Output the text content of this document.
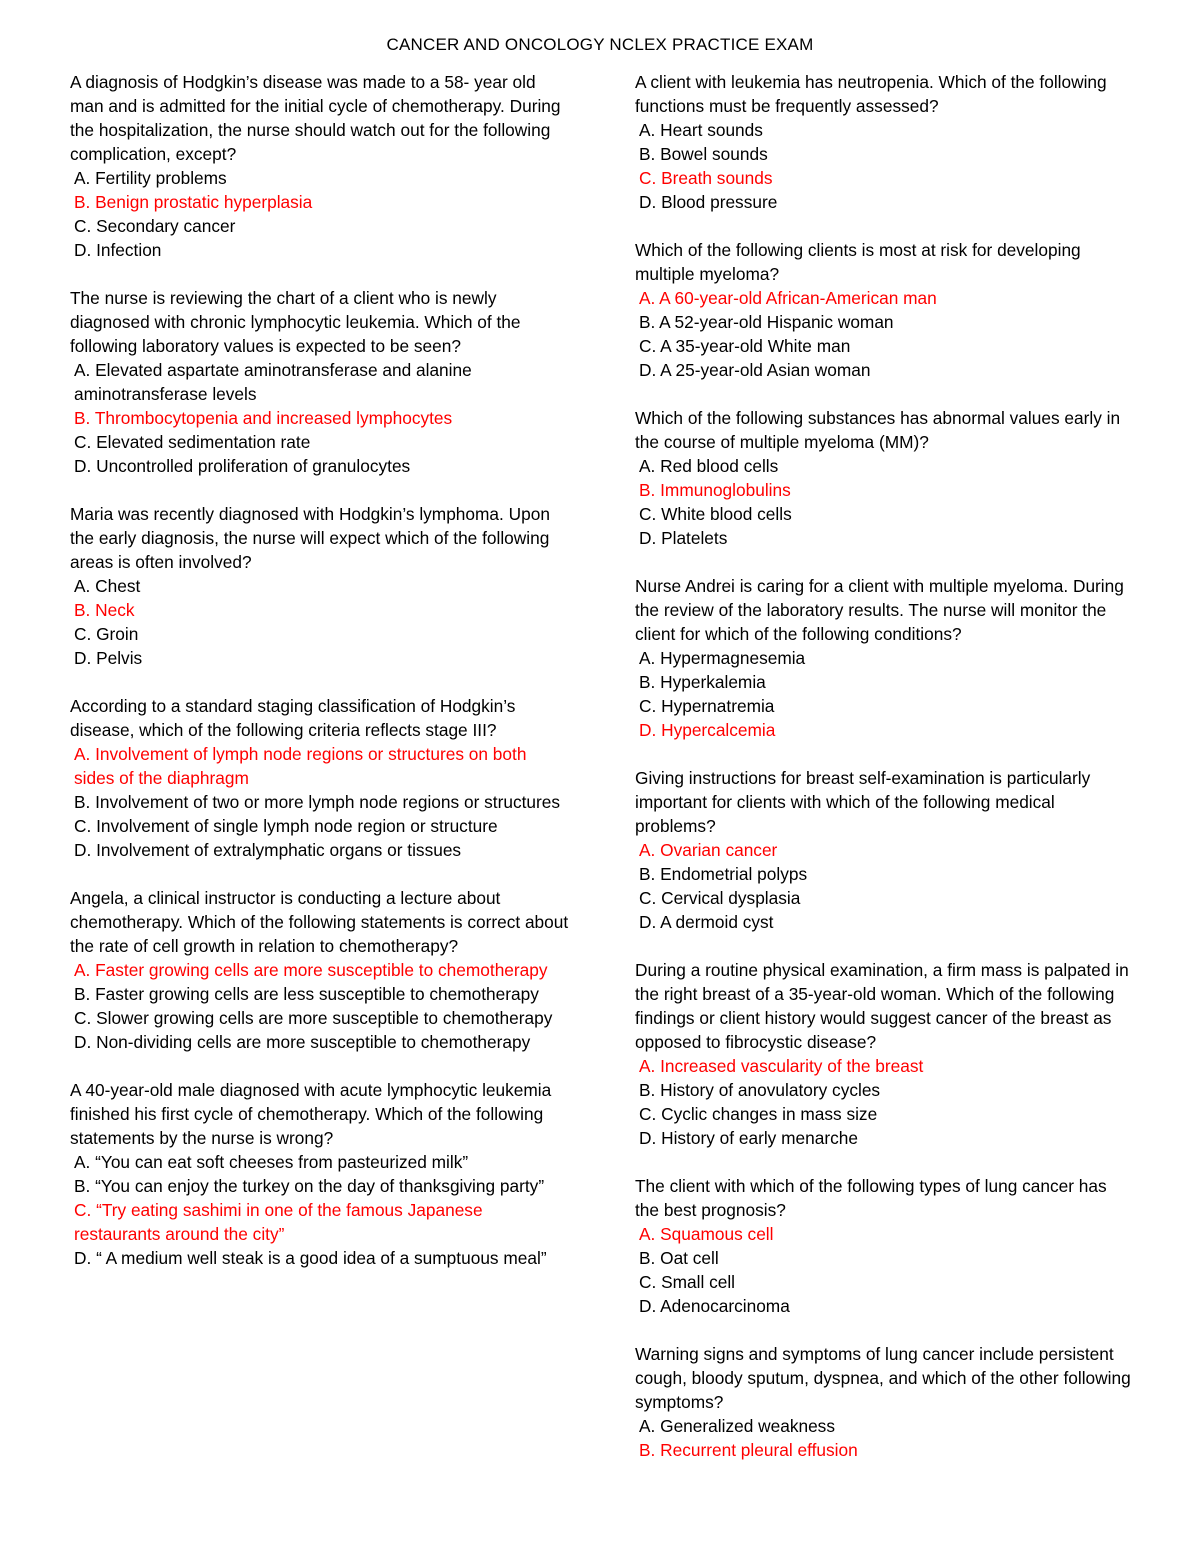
CANCER AND ONCOLOGY NCLEX PRACTICE EXAM

A diagnosis of Hodgkin’s disease was made to a 58- year old man and is admitted for the initial cycle of chemotherapy. During the hospitalization, the nurse should watch out for the following complication, except?

A. Fertility problems

B. Benign prostatic hyperplasia

C. Secondary cancer

D. Infection

The nurse is reviewing the chart of a client who is newly diagnosed with chronic lymphocytic leukemia. Which of the following laboratory values is expected to be seen?

A. Elevated aspartate aminotransferase and alanine aminotransferase levels

B. Thrombocytopenia and increased lymphocytes

C. Elevated sedimentation rate

D. Uncontrolled proliferation of granulocytes

Maria was recently diagnosed with Hodgkin’s lymphoma. Upon the early diagnosis, the nurse will expect which of the following areas is often involved?

A. Chest

B. Neck

C. Groin

D. Pelvis

According to a standard staging classification of Hodgkin’s disease, which of the following criteria reflects stage III?

A. Involvement of lymph node regions or structures on both sides of the diaphragm

B. Involvement of two or more lymph node regions or structures

C. Involvement of single lymph node region or structure

D. Involvement of extralymphatic organs or tissues

Angela, a clinical instructor is conducting a lecture about chemotherapy. Which of the following statements is correct about the rate of cell growth in relation to chemotherapy?

A. Faster growing cells are more susceptible to chemotherapy

B. Faster growing cells are less susceptible to chemotherapy

C. Slower growing cells are more susceptible to chemotherapy

D. Non-dividing cells are more susceptible to chemotherapy

A 40-year-old male diagnosed with acute lymphocytic leukemia finished his first cycle of chemotherapy. Which of the following statements by the nurse is wrong?

A. “You can eat soft cheeses from pasteurized milk”

B. “You can enjoy the turkey on the day of thanksgiving party”

C. “Try eating sashimi in one of the famous Japanese restaurants around the city”

D. “ A medium well steak is a good idea of a sumptuous meal”

A client with leukemia has neutropenia. Which of the following functions must be frequently assessed?

A. Heart sounds

B. Bowel sounds

C. Breath sounds

D. Blood pressure

Which of the following clients is most at risk for developing multiple myeloma?

A. A 60-year-old African-American man

B. A 52-year-old Hispanic woman

C. A 35-year-old White man

D. A 25-year-old Asian woman

Which of the following substances has abnormal values early in the course of multiple myeloma (MM)?

A. Red blood cells

B. Immunoglobulins

C. White blood cells

D. Platelets

Nurse Andrei is caring for a client with multiple myeloma. During the review of the laboratory results. The nurse will monitor the client for which of the following conditions?

A. Hypermagnesemia

B. Hyperkalemia

C. Hypernatremia

D. Hypercalcemia

Giving instructions for breast self-examination is particularly important for clients with which of the following medical problems?

A. Ovarian cancer

B. Endometrial polyps

C. Cervical dysplasia

D. A dermoid cyst

During a routine physical examination, a firm mass is palpated in the right breast of a 35-year-old woman. Which of the following findings or client history would suggest cancer of the breast as opposed to fibrocystic disease?

A. Increased vascularity of the breast

B. History of anovulatory cycles

C. Cyclic changes in mass size

D. History of early menarche

The client with which of the following types of lung cancer has the best prognosis?

A. Squamous cell

B. Oat cell

C. Small cell

D. Adenocarcinoma

Warning signs and symptoms of lung cancer include persistent cough, bloody sputum, dyspnea, and which of the other following symptoms?

A. Generalized weakness

B. Recurrent pleural effusion
